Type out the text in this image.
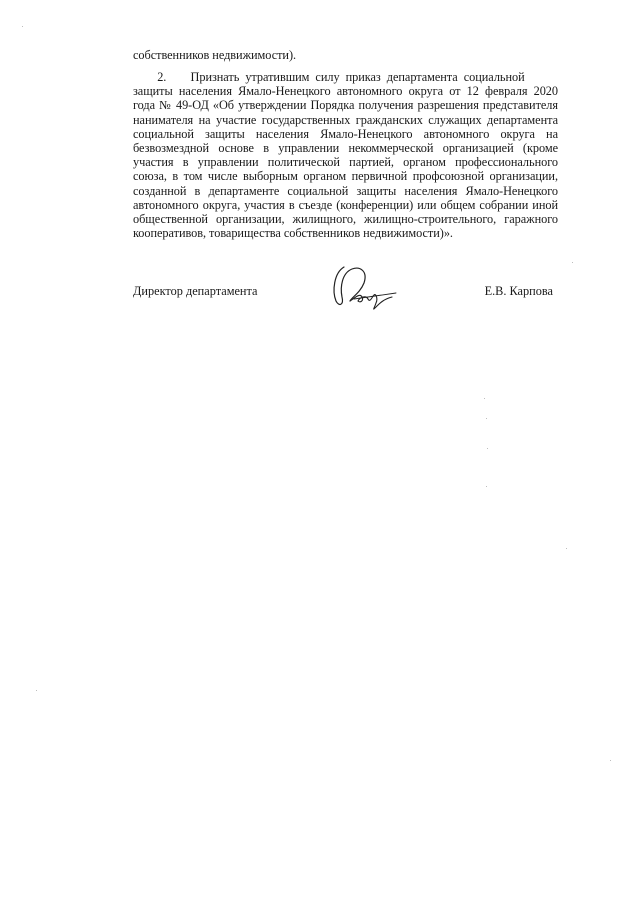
собственников недвижимости).
2.        Признать  утратившим  силу  приказ  департамента  социальной
защиты населения Ямало-Ненецкого автономного округа от 12 февраля 2020
года № 49-ОД «Об утверждении Порядка получения разрешения представителя
нанимателя на участие государственных гражданских служащих департамента
социальной защиты населения Ямало-Ненецкого автономного округа на
безвозмездной основе в управлении некоммерческой организацией (кроме
участия в управлении политической партией, органом профессионального
союза, в том числе выборным органом первичной профсоюзной организации,
созданной в департаменте социальной защиты населения Ямало-Ненецкого
автономного округа, участия в съезде (конференции) или общем собрании иной
общественной организации, жилищного, жилищно-строительного, гаражного
кооперативов, товарищества собственников недвижимости)».
Директор департамента	Е.В. Карпова
